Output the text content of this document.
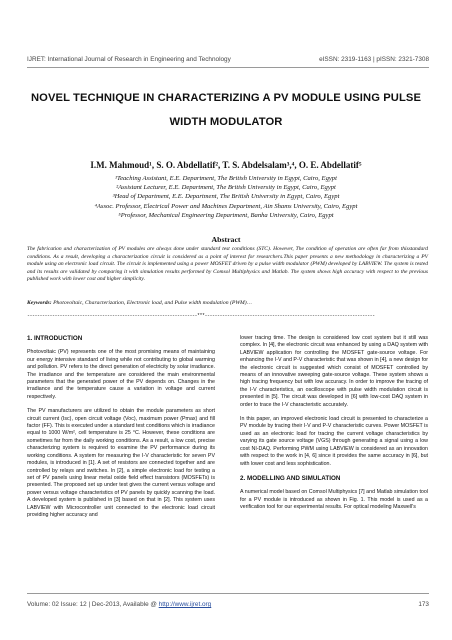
IJRET: International Journal of Research in Engineering and Technology	eISSN: 2319-1163 | pISSN: 2321-7308
NOVEL TECHNIQUE IN CHARACTERIZING A PV MODULE USING PULSE WIDTH MODULATOR
I.M. Mahmoud¹, S. O. Abdellatif², T. S. Abdelsalam³,⁴, O. E. Abdellatif⁵
¹Teaching Assistant, E.E. Department, The British University in Egypt, Cairo, Egypt
²Assistant Lecturer, E.E. Department, The British University in Egypt, Cairo, Egypt
³Head of Department, E.E. Department, The British University in Egypt, Cairo, Egypt
⁴Assoc. Professor, Electrical Power and Machines Department, Ain Shams University, Cairo, Egypt
⁵Professor, Mechanical Engineering Department, Banha University, Cairo, Egypt
Abstract
The fabrication and characterization of PV modules are always done under standard test conditions (STC). However, The condition of operation are often far from thisstandard conditions. As a result, developing a characterization circuit is considered as a point of interest for researchers.This paper presents a new methodology in characterizing a PV module using an electronic load circuit. The circuit is implemented using a power MOSFET driven by a pulse width modulator (PWM) developed by LABVIEW. The system is tested and its results are validated by comparing it with simulation results performed by Comsol Multiphysics and Matlab. The system shows high accuracy with respect to the previous published work with lower cost and higher simplicity.
Keywords: Photovoltaic, Characterization, Electronic load, and Pulse width modulation (PWM)…
--------------------------------------------------------------------***--------------------------------------------------------------------
1. INTRODUCTION

Photovoltaic (PV) represents one of the most promising means of maintaining our energy intensive standard of living while not contributing to global warming and pollution. PV refers to the direct generation of electricity by solar irradiance. The irradiance and the temperature are considered the main environmental parameters that the generated power of the PV depends on. Changes in the irradiance and the temperature cause a variation in voltage and current respectively.

The PV manufacturers are utilized to obtain the module parameters as short circuit current (Isc), open circuit voltage (Voc), maximum power (Pmax) and fill factor (FF). This is executed under a standard test conditions which is irradiance equal to 1000 W/m², cell temperature is 25 °C. However, these conditions are sometimes far from the daily working conditions. As a result, a low cost, precise characterizing system is required to examine the PV performance during its working conditions. A system for measuring the I-V characteristic for seven PV modules, is introduced in [1]. A set of resistors are connected together and are controlled by relays and switches. In [2], a simple electronic load for testing a set of PV panels using linear metal oxide field effect transistors (MOSFETs) is presented. The proposed set up under test gives the current versus voltage and power versus voltage characteristics of PV panels by quickly scanning the load. A developed system is published in [3] based on that in [2]. This system uses LABVIEW with Microcontroller unit connected to the electronic load circuit providing higher accuracy and

lower tracing time. The design is considered low cost system but it still was complex. In [4], the electronic circuit was enhanced by using a DAQ system with LABVIEW application for controlling the MOSFET gate-source voltage. For enhancing the I-V and P-V characteristic that was shown in [4], a new design for the electronic circuit is suggested which consist of MOSFET controlled by means of an innovative sweeping gate-source voltage. These system shows a high tracing frequency but with low accuracy. In order to improve the tracing of the I-V characteristics, an oscilloscope with pulse width modulation circuit is presented in [5]. The circuit was developed in [6] with low-cost DAQ system in order to trace the I-V characteristic accurately.

In this paper, an improved electronic load circuit is presented to characterize a PV module by tracing their I-V and P-V characteristic curves. Power MOSFET is used as an electronic load for tracing the current voltage characteristics by varying its gate source voltage (VGS) through generating a signal using a low cost NI-DAQ. Performing PWM using LABVIEW is considered as an innovation with respect to the work in [4, 6] since it provides the same accuracy in [6], but with lower cost and less sophistication.

2. MODELLING AND SIMULATION

A numerical model based on Comsol Multiphysics [7] and Matlab simulation tool for a PV module is introduced as shown in Fig. 1. This model is used as a verification tool for our experimental results. For optical modeling Maxwell's

Volume: 02 Issue: 12 | Dec-2013, Available @ http://www.ijret.org	173
